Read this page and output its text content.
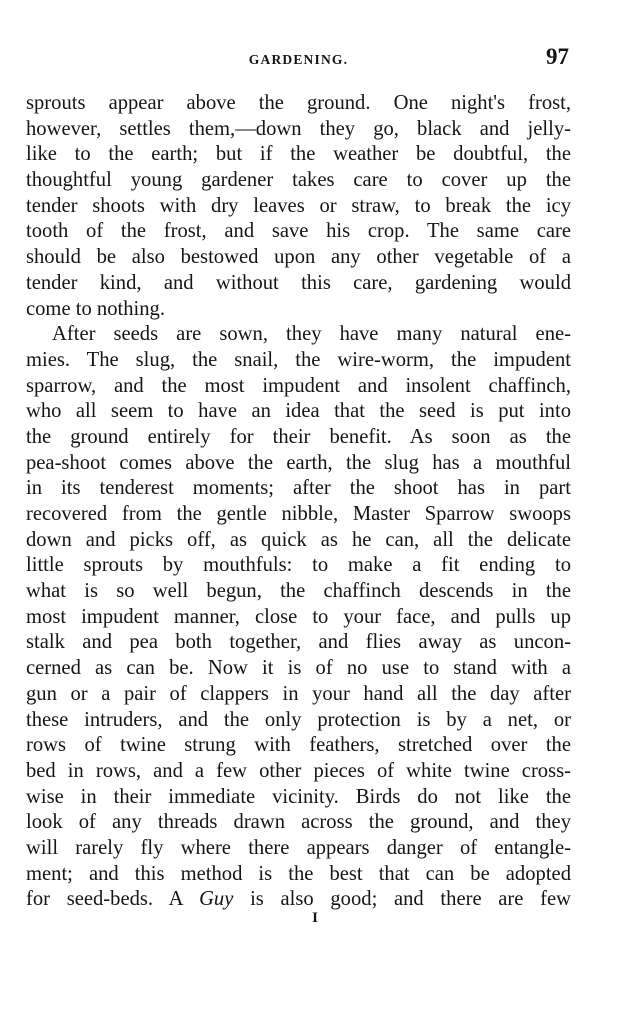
GARDENING.	97
sprouts appear above the ground. One night's frost,
however, settles them,—down they go, black and jelly-
like to the earth; but if the weather be doubtful, the
thoughtful young gardener takes care to cover up the
tender shoots with dry leaves or straw, to break the icy
tooth of the frost, and save his crop. The same care
should be also bestowed upon any other vegetable of a
tender kind, and without this care, gardening would
come to nothing.
After seeds are sown, they have many natural ene-
mies. The slug, the snail, the wire-worm, the impudent
sparrow, and the most impudent and insolent chaffinch,
who all seem to have an idea that the seed is put into
the ground entirely for their benefit. As soon as the
pea-shoot comes above the earth, the slug has a mouthful
in its tenderest moments; after the shoot has in part
recovered from the gentle nibble, Master Sparrow swoops
down and picks off, as quick as he can, all the delicate
little sprouts by mouthfuls: to make a fit ending to
what is so well begun, the chaffinch descends in the
most impudent manner, close to your face, and pulls up
stalk and pea both together, and flies away as uncon-
cerned as can be. Now it is of no use to stand with a
gun or a pair of clappers in your hand all the day after
these intruders, and the only protection is by a net, or
rows of twine strung with feathers, stretched over the
bed in rows, and a few other pieces of white twine cross-
wise in their immediate vicinity. Birds do not like the
look of any threads drawn across the ground, and they
will rarely fly where there appears danger of entangle-
ment; and this method is the best that can be adopted
for seed-beds. A Guy is also good; and there are few
I
